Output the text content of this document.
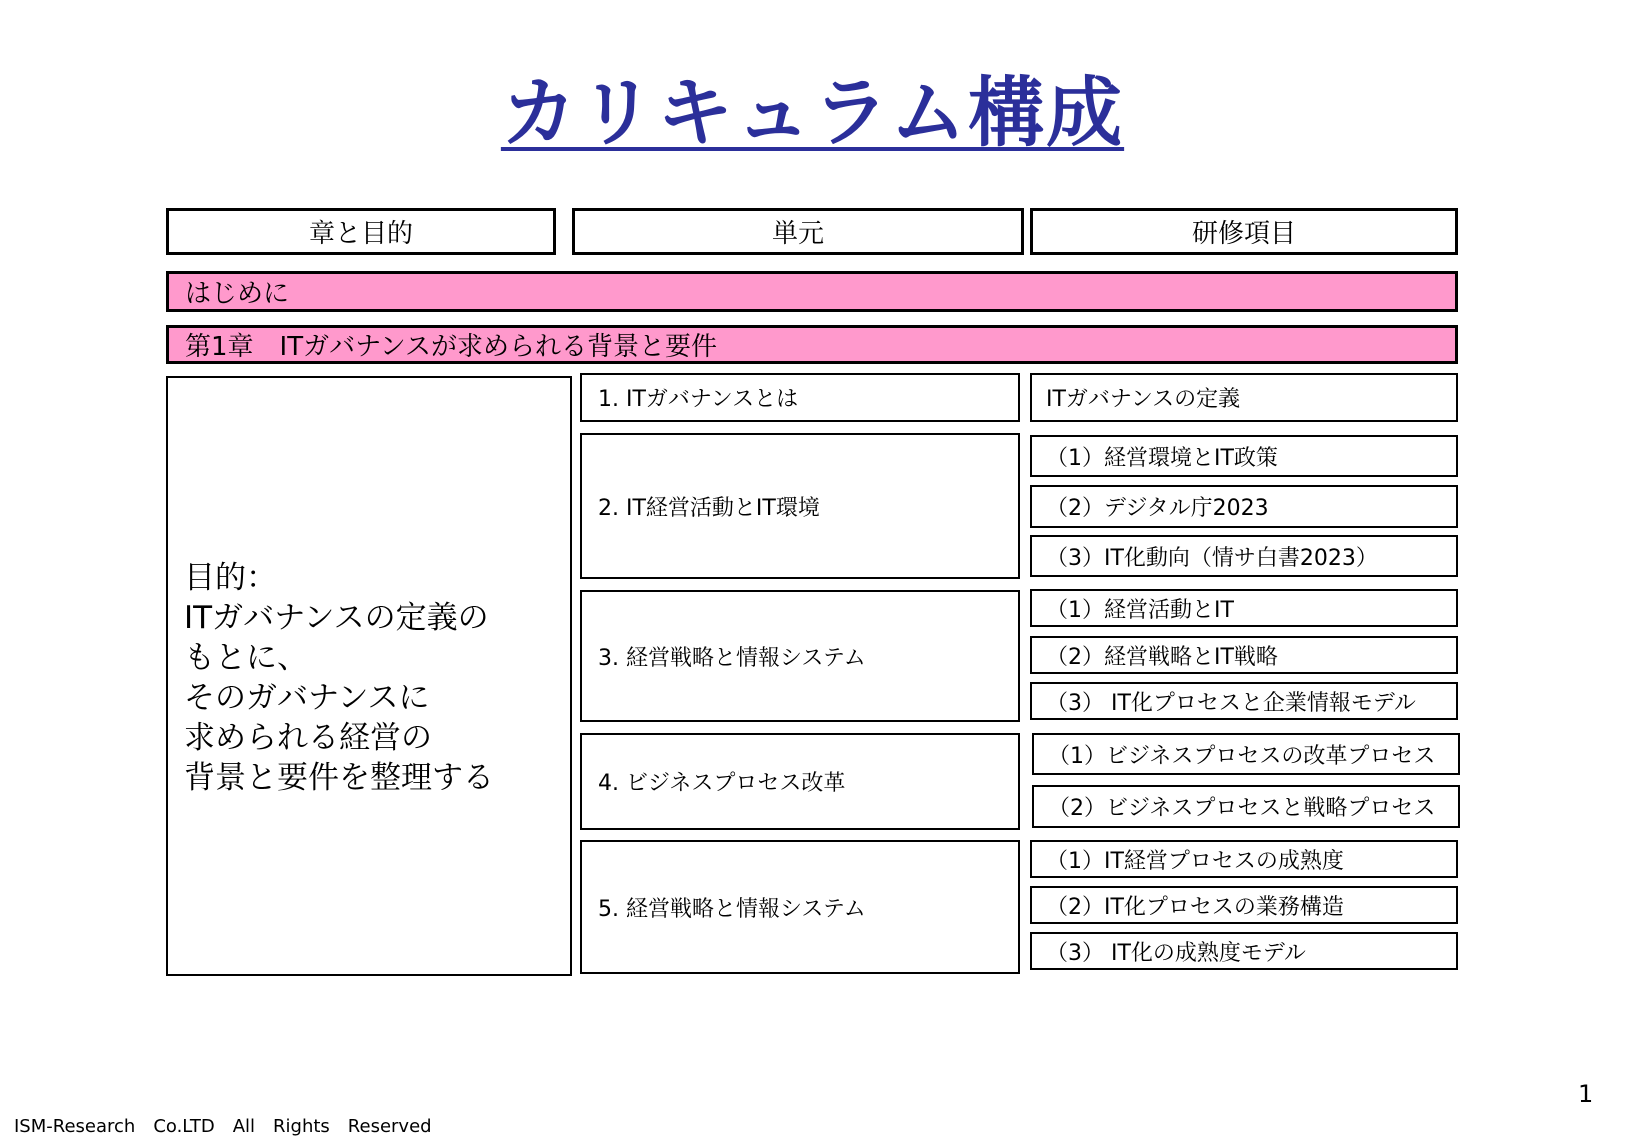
カリキュラム構成
章と目的	単元	研修項目
はじめに
第1章　ITガバナンスが求められる背景と要件
目的：
ITガバナンスの定義の
もとに、
そのガバナンスに
求められる経営の
背景と要件を整理する
1. ITガバナンスとは
2. IT経営活動とIT環境
3. 経営戦略と情報システム
4. ビジネスプロセス改革
5. 経営戦略と情報システム
ITガバナンスの定義
（1）経営環境とIT政策
（2）デジタル庁2023
（3）IT化動向（情サ白書2023）
（1）経営活動とIT
（2）経営戦略とIT戦略
（3） IT化プロセスと企業情報モデル
（1）ビジネスプロセスの改革プロセス
（2）ビジネスプロセスと戦略プロセス
（1）IT経営プロセスの成熟度
（2）IT化プロセスの業務構造
（3） IT化の成熟度モデル
1
ISM-Research　Co.LTD　All　Rights　Reserved
